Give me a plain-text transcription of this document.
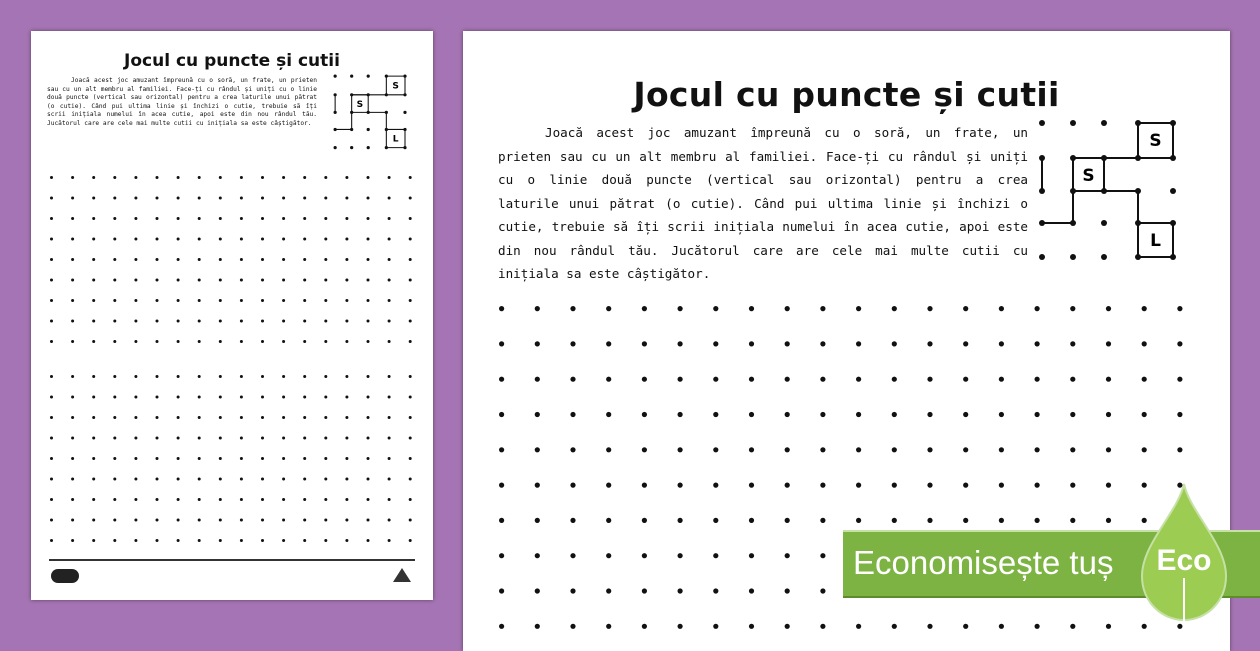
Jocul cu puncte și cutii

Joacă acest joc amuzant împreună cu o soră, un frate, un prieten sau cu un alt membru al familiei. Face-ți cu rândul și uniți cu o linie două puncte (vertical sau orizontal) pentru a crea laturile unui pătrat (o cutie). Când pui ultima linie și închizi o cutie, trebuie să îți scrii inițiala numelui în acea cutie, apoi este din nou rândul tău. Jucătorul care are cele mai multe cutii cu inițiala sa este câștigător.

S
S
L
Jocul cu puncte și cutii

Joacă acest joc amuzant împreună cu o soră, un frate, un prieten sau cu un alt membru al familiei. Face-ți cu rândul și uniți cu o linie două puncte (vertical sau orizontal) pentru a crea laturile unui pătrat (o cutie). Când pui ultima linie și închizi o cutie, trebuie să îți scrii inițiala numelui în acea cutie, apoi este din nou rândul tău. Jucătorul care are cele mai multe cutii cu inițiala sa este câștigător.

S
S
L

Economisește tuș Eco
